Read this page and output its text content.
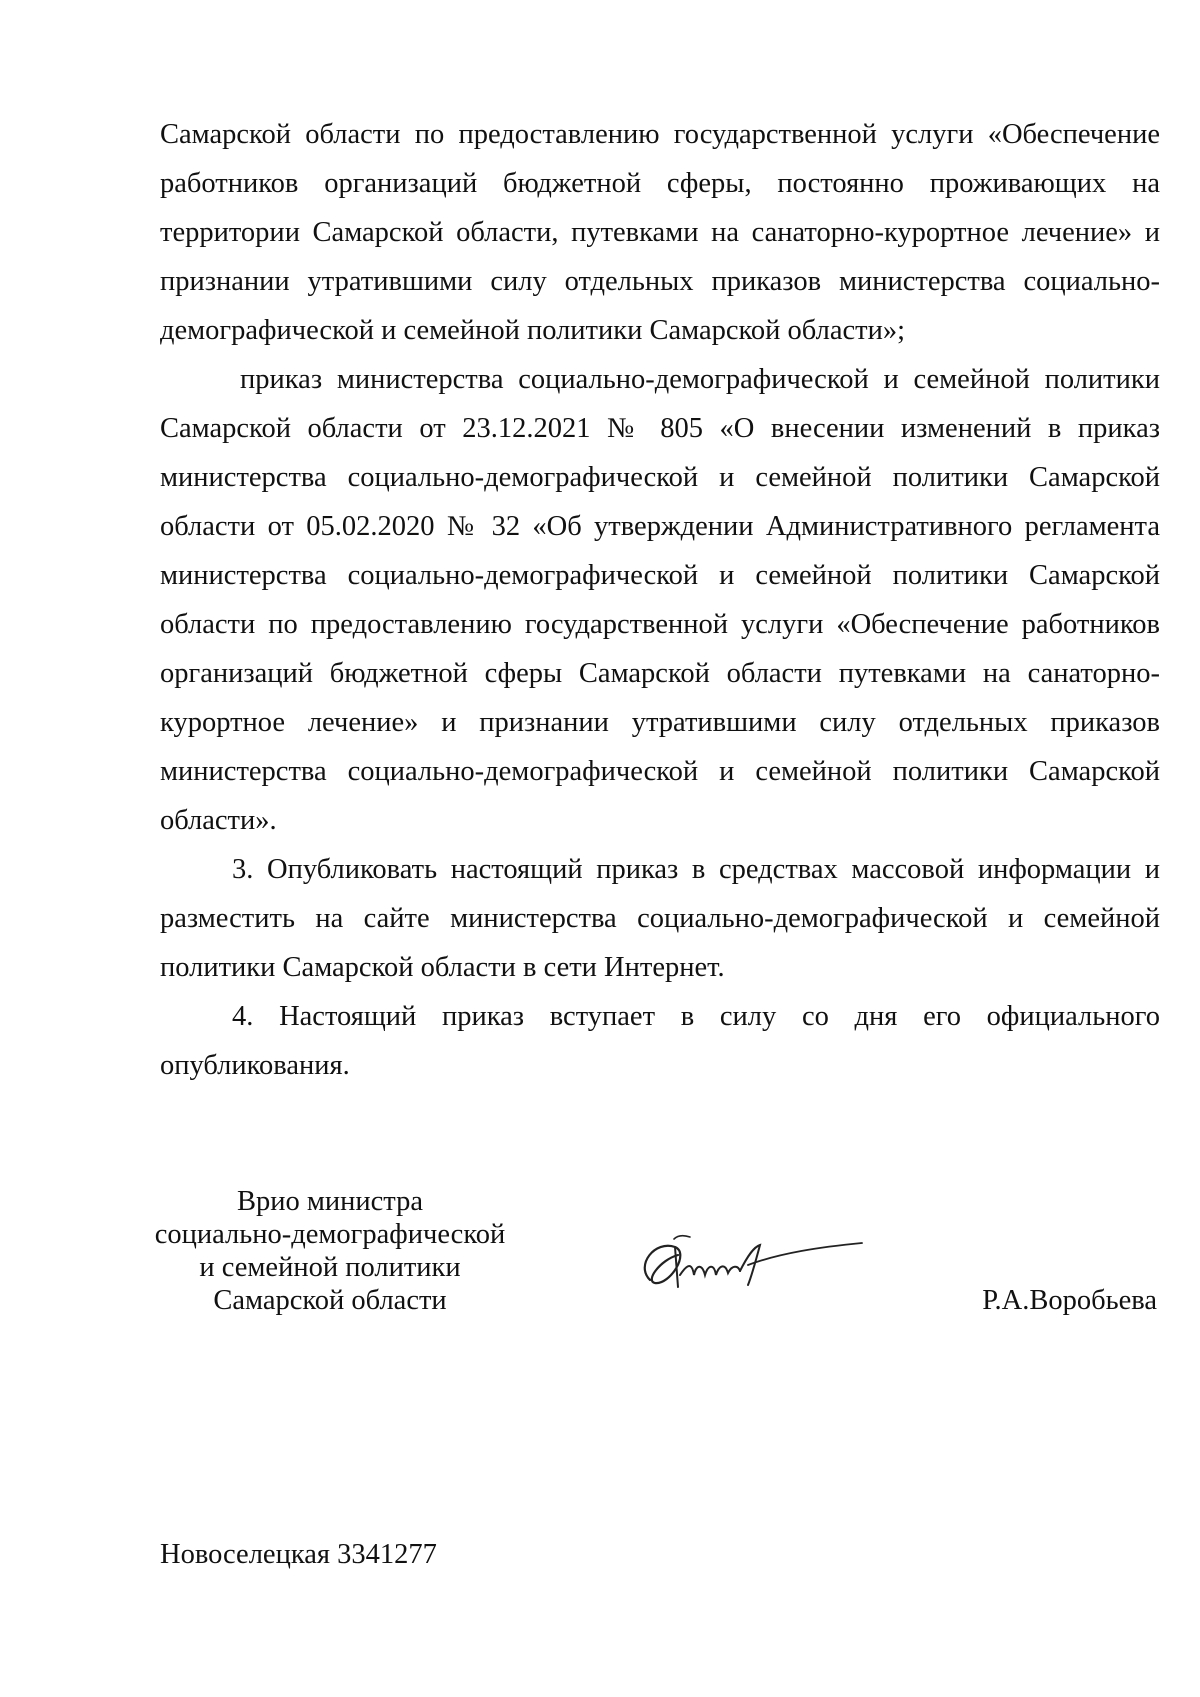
Самарской области по предоставлению государственной услуги «Обеспечение работников организаций бюджетной сферы, постоянно проживающих на территории Самарской области, путевками на санаторно-курортное лечение» и признании утратившими силу отдельных приказов министерства социально-демографической и семейной политики Самарской области»;

приказ министерства социально-демографической и семейной политики Самарской области от 23.12.2021 № 805 «О внесении изменений в приказ министерства социально-демографической и семейной политики Самарской области от 05.02.2020 № 32 «Об утверждении Административного регламента министерства социально-демографической и семейной политики Самарской области по предоставлению государственной услуги «Обеспечение работников организаций бюджетной сферы Самарской области путевками на санаторно-курортное лечение» и признании утратившими силу отдельных приказов министерства социально-демографической и семейной политики Самарской области».

3. Опубликовать настоящий приказ в средствах массовой информации и разместить на сайте министерства социально-демографической и семейной политики Самарской области в сети Интернет.

4. Настоящий приказ вступает в силу со дня его официального опубликования.

Врио министра
социально-демографической
и семейной политики
Самарской области	Р.А.Воробьева
Новоселецкая 3341277
